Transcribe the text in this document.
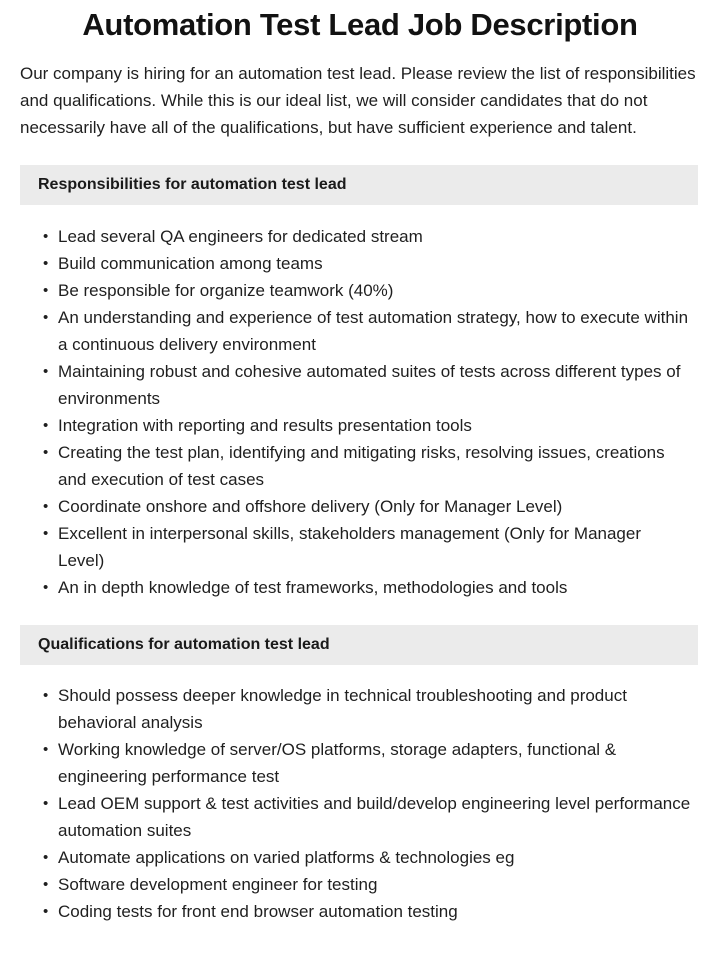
Automation Test Lead Job Description

Our company is hiring for an automation test lead. Please review the list of responsibilities and qualifications. While this is our ideal list, we will consider candidates that do not necessarily have all of the qualifications, but have sufficient experience and talent.

Responsibilities for automation test lead
• Lead several QA engineers for dedicated stream
• Build communication among teams
• Be responsible for organize teamwork (40%)
• An understanding and experience of test automation strategy, how to execute within a continuous delivery environment
• Maintaining robust and cohesive automated suites of tests across different types of environments
• Integration with reporting and results presentation tools
• Creating the test plan, identifying and mitigating risks, resolving issues, creations and execution of test cases
• Coordinate onshore and offshore delivery (Only for Manager Level)
• Excellent in interpersonal skills, stakeholders management (Only for Manager Level)
• An in depth knowledge of test frameworks, methodologies and tools
Qualifications for automation test lead
• Should possess deeper knowledge in technical troubleshooting and product behavioral analysis
• Working knowledge of server/OS platforms, storage adapters, functional & engineering performance test
• Lead OEM support & test activities and build/develop engineering level performance automation suites
• Automate applications on varied platforms & technologies eg
• Software development engineer for testing
• Coding tests for front end browser automation testing
